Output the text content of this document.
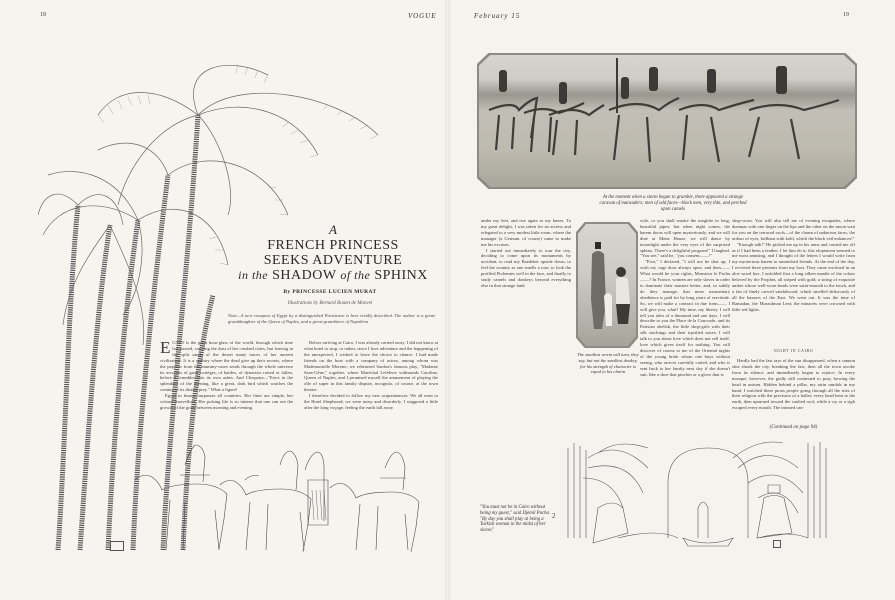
18	VOGUE	February 15	19
A
FRENCH PRINCESS
SEEKS ADVENTURE
in the SHADOW of the SPHINX
By PRINCESSE LUCIEN MURAT
Illustrations by Bernard Boutet de Monvel
Note—A new conquest of Egypt by a distinguished Parisienne is here vividly described. The author is a great-granddaughter of the Queen of Naples, and a great-grandniece of Napoléon

EGYPT is the great hour-glass of the world, through which time has passed, carrying the dust of her crushed cities, but leaving in the split sands of the desert many traces of her ancient civilization. It is a country where the dead give up their secrets, where the papyrus from the mummy-cases sends through the whole universe its accounts of great cortèges, of battles, of dynasties raised or fallen, before it crumbles into its own ashes. And Cleopatra—"Erect in the splendour of the evening, like a great, dark bird which watches the coming of its distant prey." What a figure!

Egypt in beauty surpasses all countries. Her lines are simple, her colours marvellous. Her pulsing life is so intense that one can see the growth of the grain between morning and evening.

Before arriving at Cairo, I was already carried away. I did not know at what hotel to stop, or rather, since I love adventure and the happening of the unexpected, I wished to leave the choice to chance. I had made friends on the boat with a company of actors, among whom was Mademoiselle Moreno; we rehearsed Sardou's famous play, "Madame Sans-Gêne," together, where Maréchal Lefebvre withstands Caroline, Queen of Naples, and I promised myself the amusement of playing the rôle of super in this family dispute, incognito, of course, at the town theatre.

I therefore decided to follow my new acquaintances. We all went to the Hotel Shepheard; we were noisy and disorderly. I staggered a little after the long voyage, feeling the earth fall away

At the moment when a storm began to grumble, there appeared a strange caravan of marauders; men of odd faces—black men, very thin, and perched upon camels

under my feet, and rise again to my knees. To my great delight, I was taken for an actress and relegated to a very modest little room, where the manager (a German, of course) came to make me his excuses.

I started out immediately to tour the city, deciding to come upon its monuments by accident, to read my Baedeker upside down, to feel the country as one smells a rose, to look the profiled Ptolemies well in the face, and finally to study camels and donkeys beyond everything else in that strange land.

The smallest worm will turn, they say, but not the smallest donkey, for his strength of character is equal to his charm

wife, or you shall smoke the narghile in long, beautiful pipes; but when night comes, the harem doors will open mysteriously, and we will dine at Mena House, we will dance by moonlight under the very eyes of the surprised sphinx. There's a delightful program!" I laughed. "You see," said he, "you consent——!"

"First," I declared, "I will not be shut up; I wish my cage door always open, and then—— What would be your rights, Monsieur le Pacha——? In France, women are only slaves in order to dominate their masters better, and, so subtly do they manage, that mere momentary obedience is paid for by long years of servitude. So, we will make a contract in due form—— I will give you, what? My time, my liberty. I will tell you tales of a thousand and one days. I will describe to you the Place de la Concorde, and its Parisian obelisk, the little shop-girls with their silk stockings and their tipsified noses; I will talk to you about love which does not sell itself, love which gives itself for nothing. You will discover of course to me of the Oriental nights of the young bride whom one buys without seeing, who arrives carefully crated, and who is sent back to her family next day if she doesn't suit, like a shoe that pinches or a glove that is

shop-worn. You will also tell me of evening escapades, where duennas with one finger on the lips and the other on the moon wait for you on the terraced roofs—of the charm of unknown faces, the ardour of eyes, brilliant with kohl, which the black veil enhances!"

"Enough talk!" He picked me up in his arms and carried me off as if I had been a feather. I let him do it; this elopement seemed to me most amusing, and I thought of the letters I would write from my mysterious harem to astonished friends. At the end of the day, I received three presents from my host. They came enclosed in an aloe wood box. I unfolded first a long silken mantle of the colour beloved by the Prophet, all striped with gold; a string of exquisite amber whose well-worn beads were satin-smooth to the touch, and a fan of finely carved sandalwood, which smelled deliciously of all the bazaars of the East. We went out. It was the time of Ramadan, the Mussulman Lent; the minarets were crowned with little red lights.

NIGHT IN CAIRO

Hardly had the last rays of the sun disappeared, when a cannon shot shook the city, breaking the fast; then all the town awoke from its silence, and immediately began to rejoice. In every mosque, however, the godly still continued to pray, bowing the head in unison. Hidden behind a pillar, my satin sandals in my hand, I watched these pious people going through all the rites of their religion with the precision of a ballet; every head bent to the earth, then upturned toward the vaulted roof, while a cry or a sigh escaped every mouth. The intoned can-

(Continued on page 94)
"You must not be in Cairo without being my guest," said Djemil Pacha. "By day you shall play at being a Turkish woman in the midst of her slaves"
2
